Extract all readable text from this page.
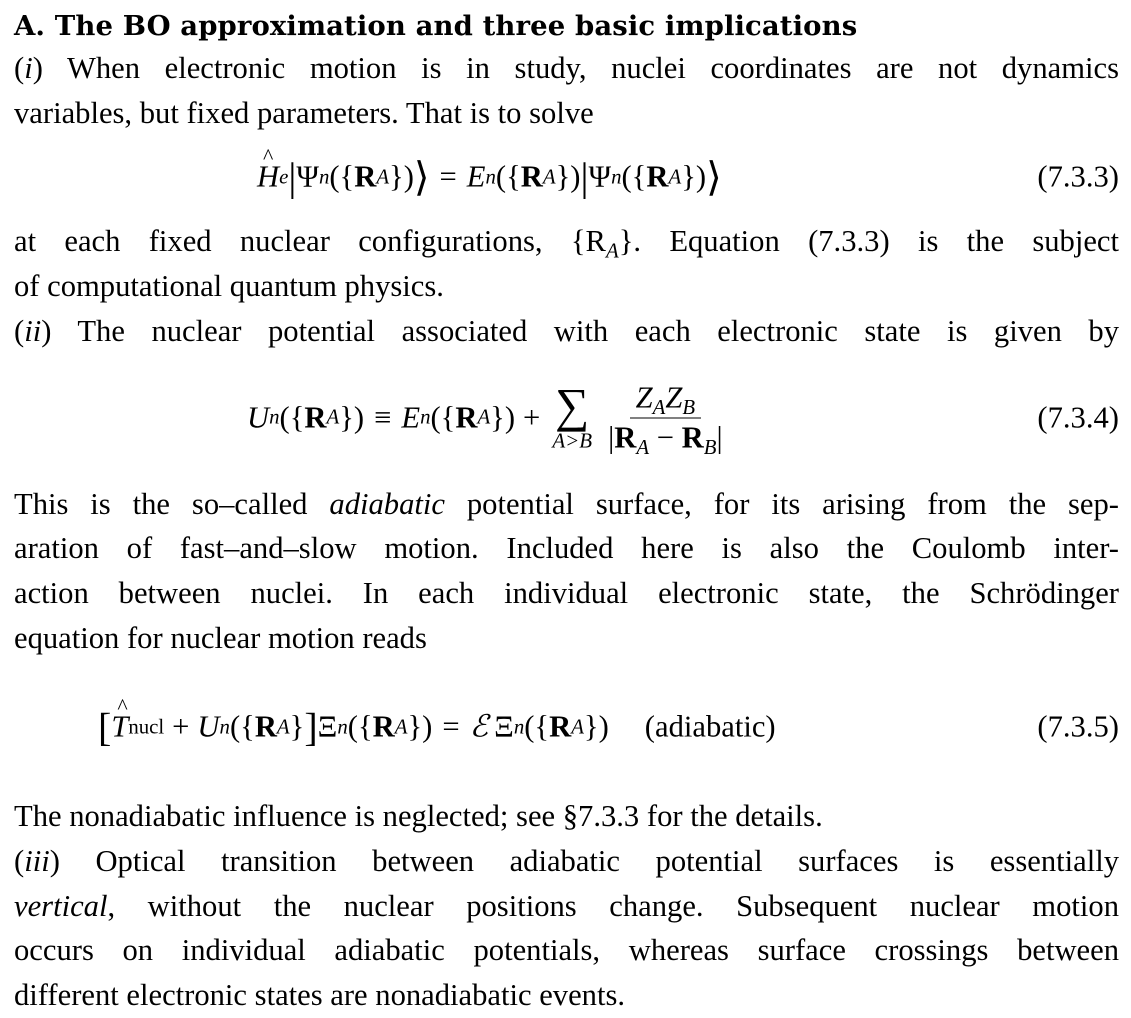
A. The BO approximation and three basic implications
(i) When electronic motion is in study, nuclei coordinates are not dynamics
variables, but fixed parameters. That is to solve
^ H e | Ψ n ({ R A }) ⟩ = E n ({ R A }) | Ψ n ({ R A }) ⟩	(7.3.3)
at each fixed nuclear configurations, $\{R_A\}$. Equation (7.3.3) is the subject
of computational quantum physics.
(ii) The nuclear potential associated with each electronic state is given by
U n ({ R A }) ≡ E n ({ R A }) + ∑
$A>B \frac{Z_AZ_B}{|R_A - R_B|}$	(7.3.4)
This is the so–called adiabatic potential surface, for its arising from the sep-
aration of fast–and–slow motion. Included here is also the Coulomb inter-
action between nuclei. In each individual electronic state, the Schrödinger
equation for nuclear motion reads
[
^ T nucl + U n ({ R A } ] Ξ n ({ R A }) = ℰ Ξ n ({ R A }) (adiabatic)	(7.3.5)
The nonadiabatic influence is neglected; see §7.3.3 for the details.
(iii) Optical transition between adiabatic potential surfaces is essentially
vertical, without the nuclear positions change. Subsequent nuclear motion
occurs on individual adiabatic potentials, whereas surface crossings between
different electronic states are nonadiabatic events.
